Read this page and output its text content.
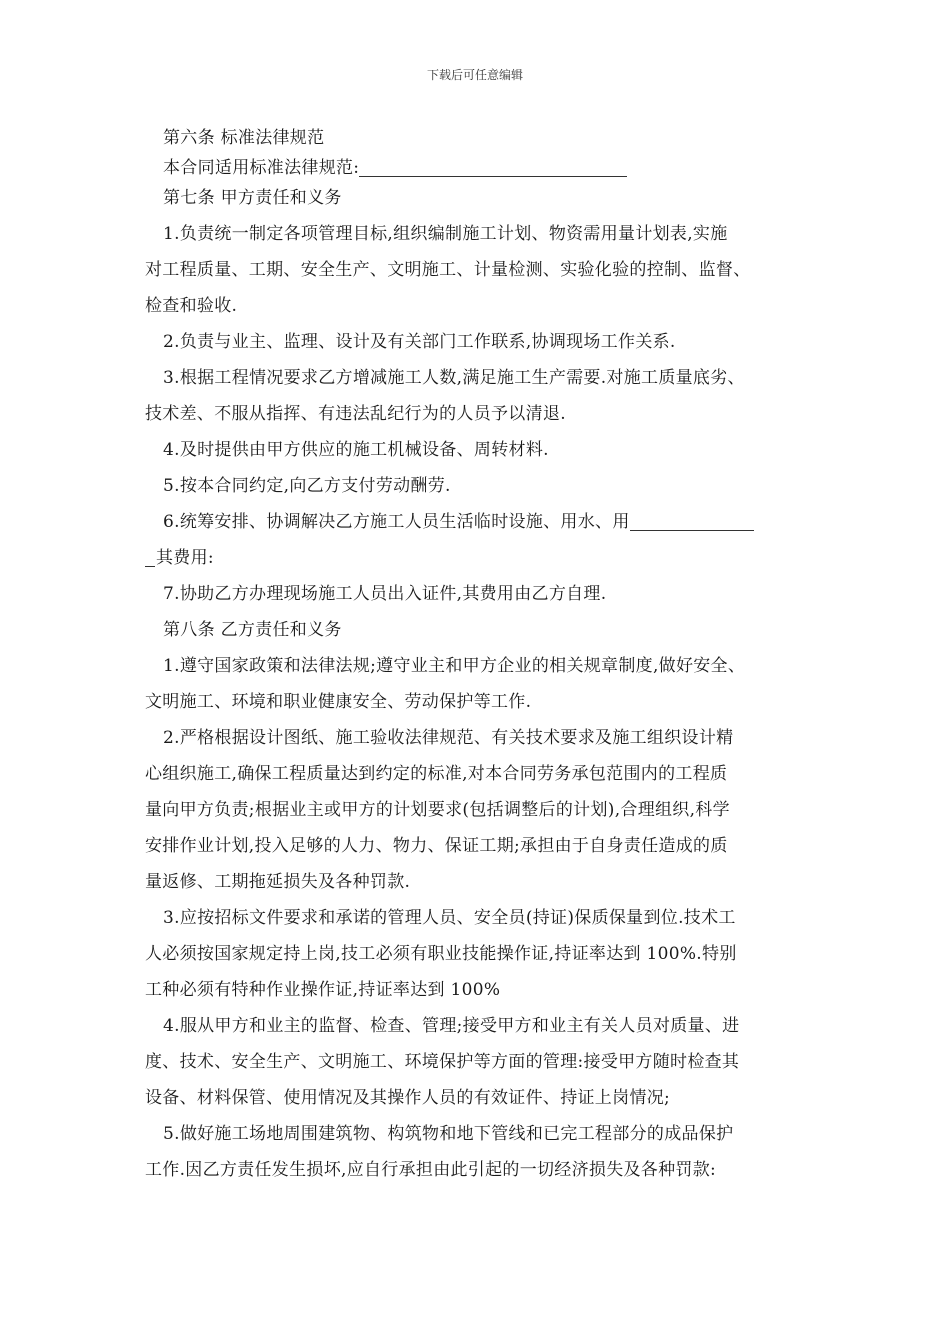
下载后可任意编辑
第六条 标准法律规范
本合同适用标准法律规范:
第七条 甲方责任和义务
1.负责统一制定各项管理目标,组织编制施工计划、物资需用量计划表,实施
对工程质量、工期、安全生产、文明施工、计量检测、实验化验的控制、监督、
检查和验收.
2.负责与业主、监理、设计及有关部门工作联系,协调现场工作关系.
3.根据工程情况要求乙方增减施工人数,满足施工生产需要.对施工质量底劣、
技术差、不服从指挥、有违法乱纪行为的人员予以清退.
4.及时提供由甲方供应的施工机械设备、周转材料.
5.按本合同约定,向乙方支付劳动酬劳.
6.统筹安排、协调解决乙方施工人员生活临时设施、用水、用
其费用:
7.协助乙方办理现场施工人员出入证件,其费用由乙方自理.
第八条 乙方责任和义务
1.遵守国家政策和法律法规;遵守业主和甲方企业的相关规章制度,做好安全、
文明施工、环境和职业健康安全、劳动保护等工作.
2.严格根据设计图纸、施工验收法律规范、有关技术要求及施工组织设计精
心组织施工,确保工程质量达到约定的标准,对本合同劳务承包范围内的工程质
量向甲方负责;根据业主或甲方的计划要求(包括调整后的计划),合理组织,科学
安排作业计划,投入足够的人力、物力、保证工期;承担由于自身责任造成的质
量返修、工期拖延损失及各种罚款.
3.应按招标文件要求和承诺的管理人员、安全员(持证)保质保量到位.技术工
人必须按国家规定持上岗,技工必须有职业技能操作证,持证率达到 100%.特别
工种必须有特种作业操作证,持证率达到 100%
4.服从甲方和业主的监督、检查、管理;接受甲方和业主有关人员对质量、进
度、技术、安全生产、文明施工、环境保护等方面的管理:接受甲方随时检查其
设备、材料保管、使用情况及其操作人员的有效证件、持证上岗情况;
5.做好施工场地周围建筑物、构筑物和地下管线和已完工程部分的成品保护
工作.因乙方责任发生损坏,应自行承担由此引起的一切经济损失及各种罚款:
